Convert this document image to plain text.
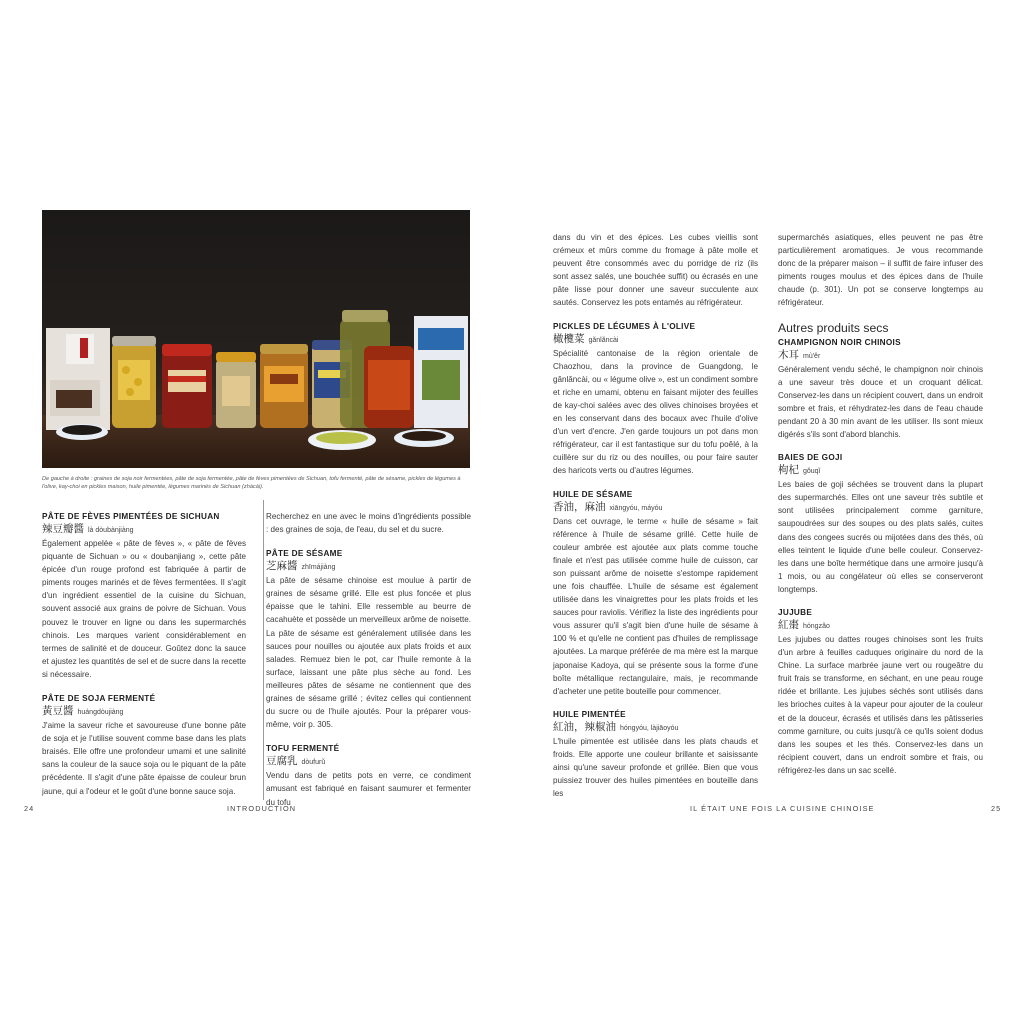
De gauche à droite : graines de soja noir fermentées, pâte de soja fermentée, pâte de fèves pimentées de Sichuan, tofu fermenté, pâte de sésame, pickles de légumes à l'olive, kay-choi en pickles maison, huile pimentée, légumes marinés de Sichuan (zhàcài).

PÂTE DE FÈVES PIMENTÉES DE SICHUAN

辣豆瓣醬 là dòubànjiàng

Également appelée « pâte de fèves », « pâte de fèves piquante de Sichuan » ou « doubanjiang », cette pâte épicée d'un rouge profond est fabriquée à partir de piments rouges marinés et de fèves fermentées. Il s'agit d'un ingrédient essentiel de la cuisine du Sichuan, souvent associé aux grains de poivre de Sichuan. Vous pouvez le trouver en ligne ou dans les supermarchés chinois. Les marques varient considérablement en termes de salinité et de douceur. Goûtez donc la sauce et ajustez les quantités de sel et de sucre dans la recette si nécessaire.

PÂTE DE SOJA FERMENTÉ

黃豆醬 huángdòujiàng

J'aime la saveur riche et savoureuse d'une bonne pâte de soja et je l'utilise souvent comme base dans les plats braisés. Elle offre une profondeur umami et une salinité sans la couleur de la sauce soja ou le piquant de la pâte précédente. Il s'agit d'une pâte épaisse de couleur brun jaune, qui a l'odeur et le goût d'une bonne sauce soja.

Recherchez en une avec le moins d'ingrédients possible : des graines de soja, de l'eau, du sel et du sucre.

PÂTE DE SÉSAME

芝麻醬 zhīmájiàng

La pâte de sésame chinoise est moulue à partir de graines de sésame grillé. Elle est plus foncée et plus épaisse que le tahini. Elle ressemble au beurre de cacahuète et possède un merveilleux arôme de noisette. La pâte de sésame est généralement utilisée dans les sauces pour nouilles ou ajoutée aux plats froids et aux salades. Remuez bien le pot, car l'huile remonte à la surface, laissant une pâte plus sèche au fond. Les meilleures pâtes de sésame ne contiennent que des graines de sésame grillé ; évitez celles qui contiennent du sucre ou de l'huile ajoutés. Pour la préparer vous-même, voir p. 305.

TOFU FERMENTÉ

豆腐乳 dòufurǔ

Vendu dans de petits pots en verre, ce condiment amusant est fabriqué en faisant saumurer et fermenter du tofu

dans du vin et des épices. Les cubes vieillis sont crémeux et mûrs comme du fromage à pâte molle et peuvent être consommés avec du porridge de riz (ils sont assez salés, une bouchée suffit) ou écrasés en une pâte lisse pour donner une saveur succulente aux sautés. Conservez les pots entamés au réfrigérateur.

PICKLES DE LÉGUMES À L'OLIVE

橄欖菜 gǎnlǎncài

Spécialité cantonaise de la région orientale de Chaozhou, dans la province de Guangdong, le gǎnlǎncài, ou « légume olive », est un condiment sombre et riche en umami, obtenu en faisant mijoter des feuilles de kay-choi salées avec des olives chinoises broyées et en les conservant dans des bocaux avec l'huile d'olive d'un vert d'encre. J'en garde toujours un pot dans mon réfrigérateur, car il est fantastique sur du tofu poêlé, à la cuillère sur du riz ou des nouilles, ou pour faire sauter des haricots verts ou d'autres légumes.

HUILE DE SÉSAME

香油，麻油 xiāngyóu, máyóu

Dans cet ouvrage, le terme « huile de sésame » fait référence à l'huile de sésame grillé. Cette huile de couleur ambrée est ajoutée aux plats comme touche finale et n'est pas utilisée comme huile de cuisson, car son puissant arôme de noisette s'estompe rapidement une fois chauffée. L'huile de sésame est également utilisée dans les vinaigrettes pour les plats froids et les sauces pour raviolis. Vérifiez la liste des ingrédients pour vous assurer qu'il s'agit bien d'une huile de sésame à 100 % et qu'elle ne contient pas d'huiles de remplissage ajoutées. La marque préférée de ma mère est la marque japonaise Kadoya, qui se présente sous la forme d'une boîte métallique rectangulaire, mais, je recommande d'acheter une petite bouteille pour commencer.

HUILE PIMENTÉE

紅油，辣椒油 hóngyóu, làjiāoyóu

L'huile pimentée est utilisée dans les plats chauds et froids. Elle apporte une couleur brillante et saisissante ainsi qu'une saveur profonde et grillée. Bien que vous puissiez trouver des huiles pimentées en bouteille dans les

supermarchés asiatiques, elles peuvent ne pas être particulièrement aromatiques. Je vous recommande donc de la préparer maison – il suffit de faire infuser des piments rouges moulus et des épices dans de l'huile chaude (p. 301). Un pot se conserve longtemps au réfrigérateur.

Autres produits secs

CHAMPIGNON NOIR CHINOIS

木耳 mù'ěr

Généralement vendu séché, le champignon noir chinois a une saveur très douce et un croquant délicat. Conservez-les dans un récipient couvert, dans un endroit sombre et frais, et réhydratez-les dans de l'eau chaude pendant 20 à 30 min avant de les utiliser. Ils sont mieux digérés s'ils sont d'abord blanchis.

BAIES DE GOJI

枸杞 gǒuqǐ

Les baies de goji séchées se trouvent dans la plupart des supermarchés. Elles ont une saveur très subtile et sont utilisées principalement comme garniture, saupoudrées sur des soupes ou des plats salés, cuites dans des congees sucrés ou mijotées dans des thés, où elles teintent le liquide d'une belle couleur. Conservez-les dans une boîte hermétique dans une armoire jusqu'à 1 mois, ou au congélateur où elles se conserveront longtemps.

JUJUBE

紅棗 hóngzǎo

Les jujubes ou dattes rouges chinoises sont les fruits d'un arbre à feuilles caduques originaire du nord de la Chine. La surface marbrée jaune vert ou rougeâtre du fruit frais se transforme, en séchant, en une peau rouge ridée et brillante. Les jujubes séchés sont utilisés dans les brioches cuites à la vapeur pour ajouter de la couleur et de la douceur, écrasés et utilisés dans les pâtisseries comme garniture, ou cuits jusqu'à ce qu'ils soient dodus dans les soupes et les thés. Conservez-les dans un récipient couvert, dans un endroit sombre et frais, ou réfrigérez-les dans un sac scellé.

24	INTRODUCTION	IL ÉTAIT UNE FOIS LA CUISINE CHINOISE	25
